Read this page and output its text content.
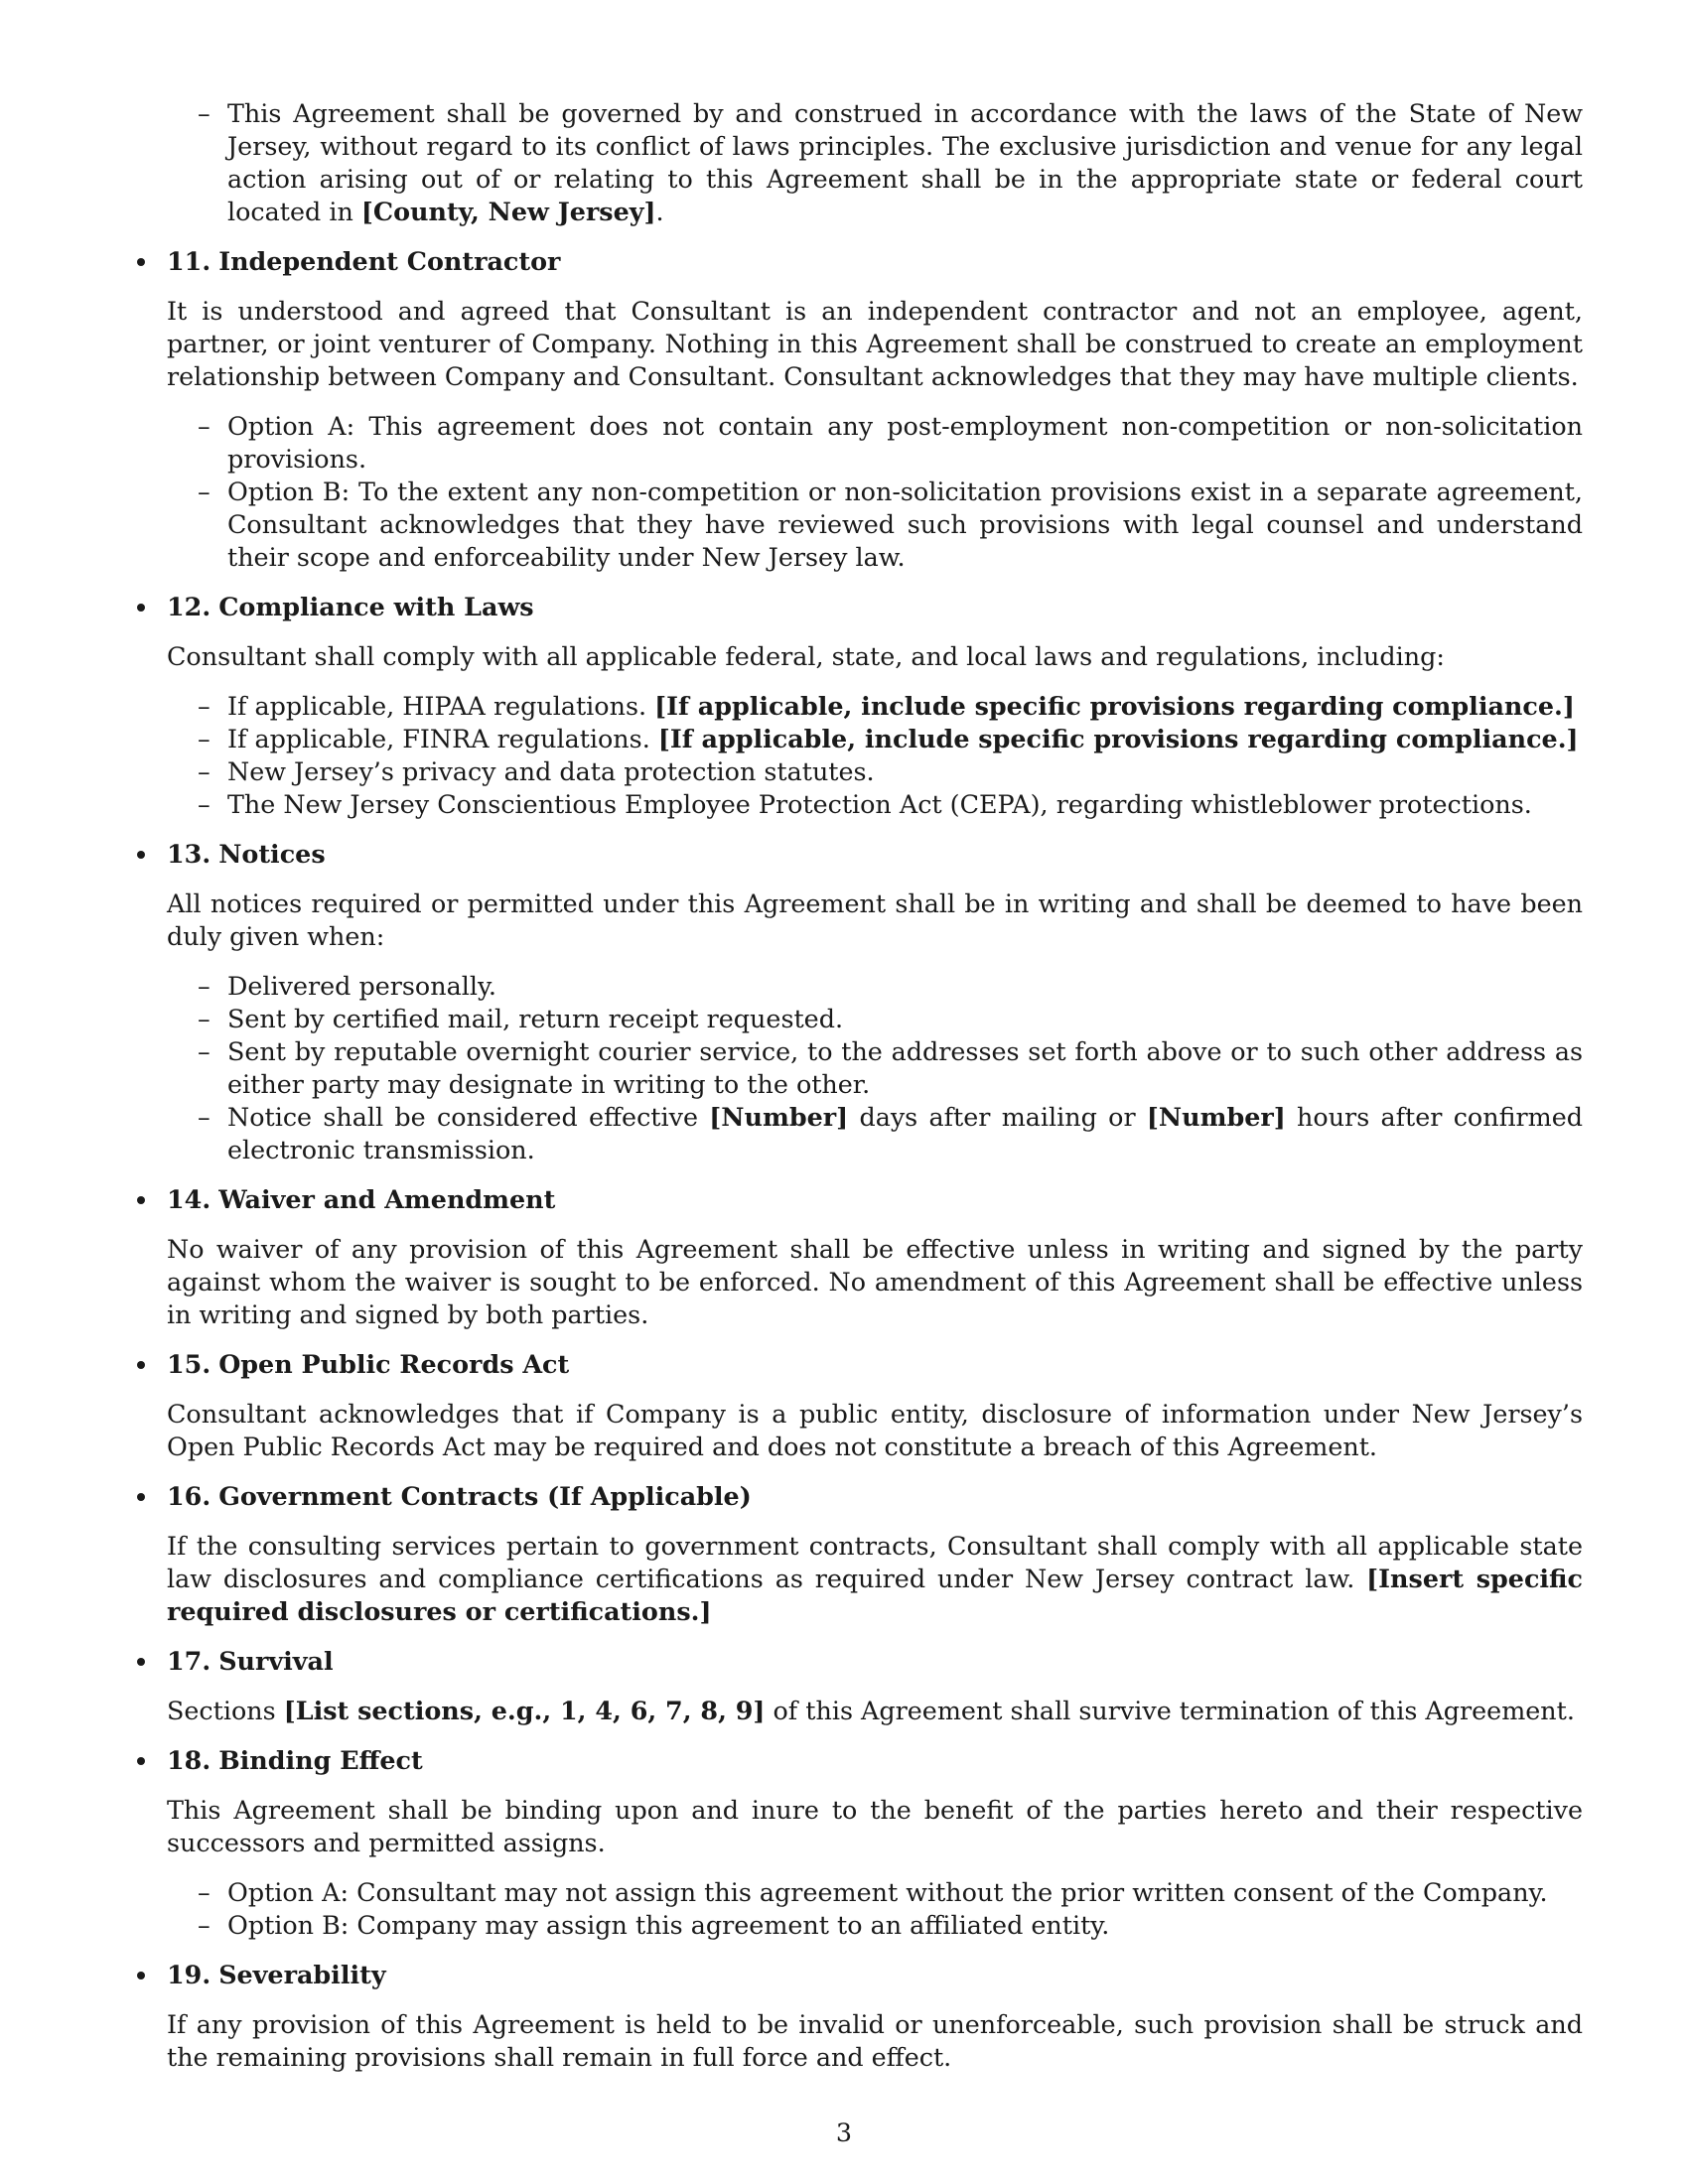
– This Agreement shall be governed by and construed in accordance with the laws of the State of New Jersey, without regard to its conflict of laws principles. The exclusive jurisdiction and venue for any legal action arising out of or relating to this Agreement shall be in the appropriate state or federal court located in [County, New Jersey].
11. Independent Contractor

It is understood and agreed that Consultant is an independent contractor and not an employee, agent, partner, or joint venturer of Company. Nothing in this Agreement shall be construed to create an employment relationship between Company and Consultant. Consultant acknowledges that they may have multiple clients.

– Option A: This agreement does not contain any post-employment non-competition or non-solicitation provisions.
– Option B: To the extent any non-competition or non-solicitation provisions exist in a separate agreement, Consultant acknowledges that they have reviewed such provisions with legal counsel and understand their scope and enforceability under New Jersey law.
12. Compliance with Laws

Consultant shall comply with all applicable federal, state, and local laws and regulations, including:

– If applicable, HIPAA regulations. [If applicable, include specific provisions regarding compliance.]
– If applicable, FINRA regulations. [If applicable, include specific provisions regarding compliance.]
– New Jersey’s privacy and data protection statutes.
– The New Jersey Conscientious Employee Protection Act (CEPA), regarding whistleblower protections.
13. Notices

All notices required or permitted under this Agreement shall be in writing and shall be deemed to have been duly given when:

– Delivered personally.
– Sent by certified mail, return receipt requested.
– Sent by reputable overnight courier service, to the addresses set forth above or to such other address as either party may designate in writing to the other.
– Notice shall be considered effective [Number] days after mailing or [Number] hours after confirmed electronic transmission.
14. Waiver and Amendment

No waiver of any provision of this Agreement shall be effective unless in writing and signed by the party against whom the waiver is sought to be enforced. No amendment of this Agreement shall be effective unless in writing and signed by both parties.

15. Open Public Records Act

Consultant acknowledges that if Company is a public entity, disclosure of information under New Jersey’s Open Public Records Act may be required and does not constitute a breach of this Agreement.

16. Government Contracts (If Applicable)

If the consulting services pertain to government contracts, Consultant shall comply with all applicable state law disclosures and compliance certifications as required under New Jersey contract law. [Insert specific required disclosures or certifications.]

17. Survival

Sections [List sections, e.g., 1, 4, 6, 7, 8, 9] of this Agreement shall survive termination of this Agreement.

18. Binding Effect

This Agreement shall be binding upon and inure to the benefit of the parties hereto and their respective successors and permitted assigns.

– Option A: Consultant may not assign this agreement without the prior written consent of the Company.
– Option B: Company may assign this agreement to an affiliated entity.
19. Severability

If any provision of this Agreement is held to be invalid or unenforceable, such provision shall be struck and the remaining provisions shall remain in full force and effect.

3
